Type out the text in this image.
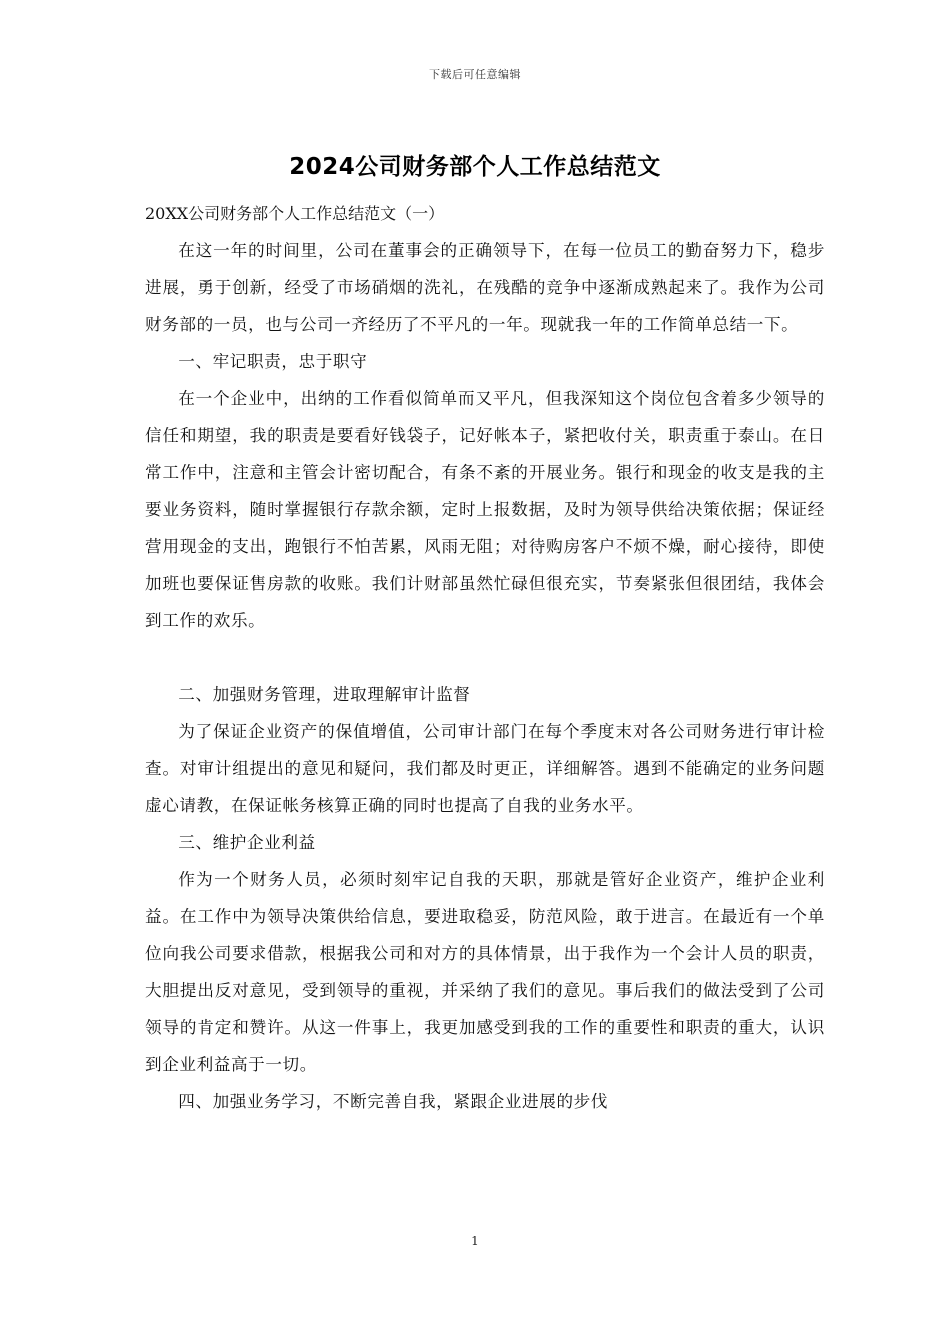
下载后可任意编辑
2024公司财务部个人工作总结范文

20XX公司财务部个人工作总结范文（一）

在这一年的时间里，公司在董事会的正确领导下，在每一位员工的勤奋努力下，稳步进展，勇于创新，经受了市场硝烟的洗礼，在残酷的竞争中逐渐成熟起来了。我作为公司财务部的一员，也与公司一齐经历了不平凡的一年。现就我一年的工作简单总结一下。

一、牢记职责，忠于职守

在一个企业中，出纳的工作看似简单而又平凡，但我深知这个岗位包含着多少领导的信任和期望，我的职责是要看好钱袋子，记好帐本子，紧把收付关，职责重于泰山。在日常工作中，注意和主管会计密切配合，有条不紊的开展业务。银行和现金的收支是我的主要业务资料，随时掌握银行存款余额，定时上报数据，及时为领导供给决策依据；保证经营用现金的支出，跑银行不怕苦累，风雨无阻；对待购房客户不烦不燥，耐心接待，即使加班也要保证售房款的收账。我们计财部虽然忙碌但很充实，节奏紧张但很团结，我体会到工作的欢乐。

二、加强财务管理，进取理解审计监督

为了保证企业资产的保值增值，公司审计部门在每个季度末对各公司财务进行审计检查。对审计组提出的意见和疑问，我们都及时更正，详细解答。遇到不能确定的业务问题虚心请教，在保证帐务核算正确的同时也提高了自我的业务水平。

三、维护企业利益

作为一个财务人员，必须时刻牢记自我的天职，那就是管好企业资产，维护企业利益。在工作中为领导决策供给信息，要进取稳妥，防范风险，敢于进言。在最近有一个单位向我公司要求借款，根据我公司和对方的具体情景，出于我作为一个会计人员的职责，大胆提出反对意见，受到领导的重视，并采纳了我们的意见。事后我们的做法受到了公司领导的肯定和赞许。从这一件事上，我更加感受到我的工作的重要性和职责的重大，认识到企业利益高于一切。

四、加强业务学习，不断完善自我，紧跟企业进展的步伐

1
